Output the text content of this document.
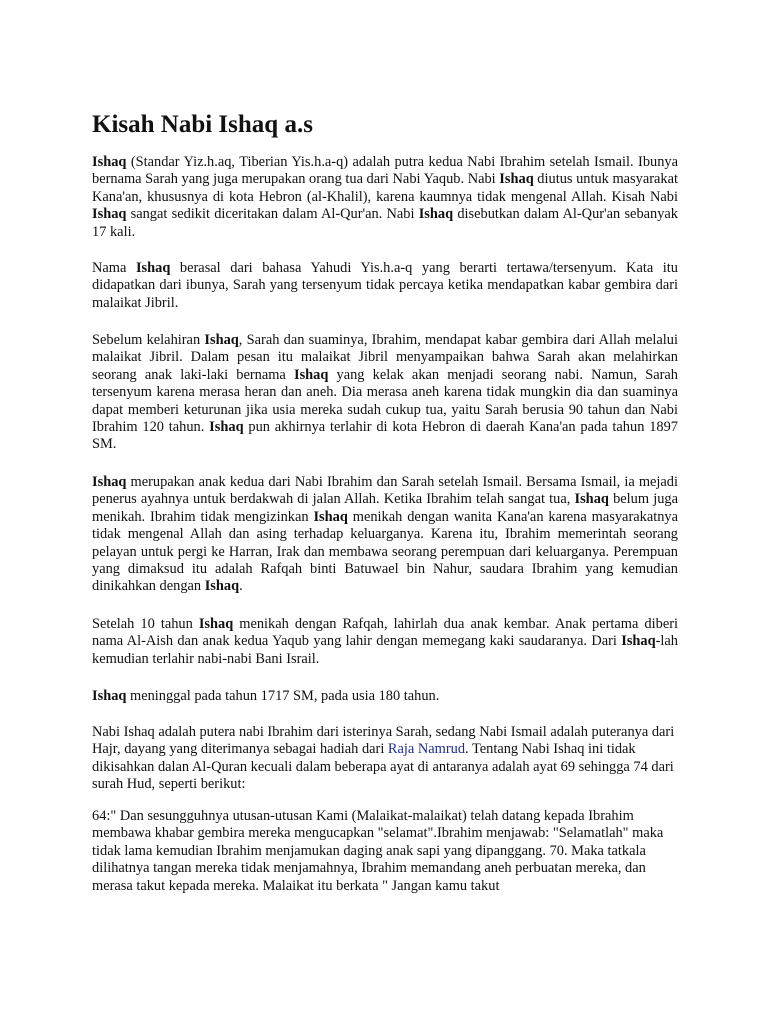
Kisah Nabi Ishaq a.s

Ishaq (Standar Yiz.h.aq, Tiberian Yis.h.a-q) adalah putra kedua Nabi Ibrahim setelah Ismail. Ibunya bernama Sarah yang juga merupakan orang tua dari Nabi Yaqub. Nabi Ishaq diutus untuk masyarakat Kana'an, khususnya di kota Hebron (al-Khalil), karena kaumnya tidak mengenal Allah. Kisah Nabi Ishaq sangat sedikit diceritakan dalam Al-Qur'an. Nabi Ishaq disebutkan dalam Al-Qur'an sebanyak 17 kali.

Nama Ishaq berasal dari bahasa Yahudi Yis.h.a-q yang berarti tertawa/tersenyum. Kata itu didapatkan dari ibunya, Sarah yang tersenyum tidak percaya ketika mendapatkan kabar gembira dari malaikat Jibril.

Sebelum kelahiran Ishaq, Sarah dan suaminya, Ibrahim, mendapat kabar gembira dari Allah melalui malaikat Jibril. Dalam pesan itu malaikat Jibril menyampaikan bahwa Sarah akan melahirkan seorang anak laki-laki bernama Ishaq yang kelak akan menjadi seorang nabi. Namun, Sarah tersenyum karena merasa heran dan aneh. Dia merasa aneh karena tidak mungkin dia dan suaminya dapat memberi keturunan jika usia mereka sudah cukup tua, yaitu Sarah berusia 90 tahun dan Nabi Ibrahim 120 tahun. Ishaq pun akhirnya terlahir di kota Hebron di daerah Kana'an pada tahun 1897 SM.

Ishaq merupakan anak kedua dari Nabi Ibrahim dan Sarah setelah Ismail. Bersama Ismail, ia mejadi penerus ayahnya untuk berdakwah di jalan Allah. Ketika Ibrahim telah sangat tua, Ishaq belum juga menikah. Ibrahim tidak mengizinkan Ishaq menikah dengan wanita Kana'an karena masyarakatnya tidak mengenal Allah dan asing terhadap keluarganya. Karena itu, Ibrahim memerintah seorang pelayan untuk pergi ke Harran, Irak dan membawa seorang perempuan dari keluarganya. Perempuan yang dimaksud itu adalah Rafqah binti Batuwael bin Nahur, saudara Ibrahim yang kemudian dinikahkan dengan Ishaq.

Setelah 10 tahun Ishaq menikah dengan Rafqah, lahirlah dua anak kembar. Anak pertama diberi nama Al-Aish dan anak kedua Yaqub yang lahir dengan memegang kaki saudaranya. Dari Ishaq-lah kemudian terlahir nabi-nabi Bani Israil.

Ishaq meninggal pada tahun 1717 SM, pada usia 180 tahun.

Nabi Ishaq adalah putera nabi Ibrahim dari isterinya Sarah, sedang Nabi Ismail adalah puteranya dari Hajr, dayang yang diterimanya sebagai hadiah dari Raja Namrud. Tentang Nabi Ishaq ini tidak dikisahkan dalan Al-Quran kecuali dalam beberapa ayat di antaranya adalah ayat 69 sehingga 74 dari surah Hud, seperti berikut:

64:" Dan sesungguhnya utusan-utusan Kami (Malaikat-malaikat) telah datang kepada Ibrahim membawa khabar gembira mereka mengucapkan "selamat".Ibrahim menjawab: "Selamatlah" maka tidak lama kemudian Ibrahim menjamukan daging anak sapi yang dipanggang. 70. Maka tatkala dilihatnya tangan mereka tidak menjamahnya, Ibrahim memandang aneh perbuatan mereka, dan merasa takut kepada mereka. Malaikat itu berkata " Jangan kamu takut
